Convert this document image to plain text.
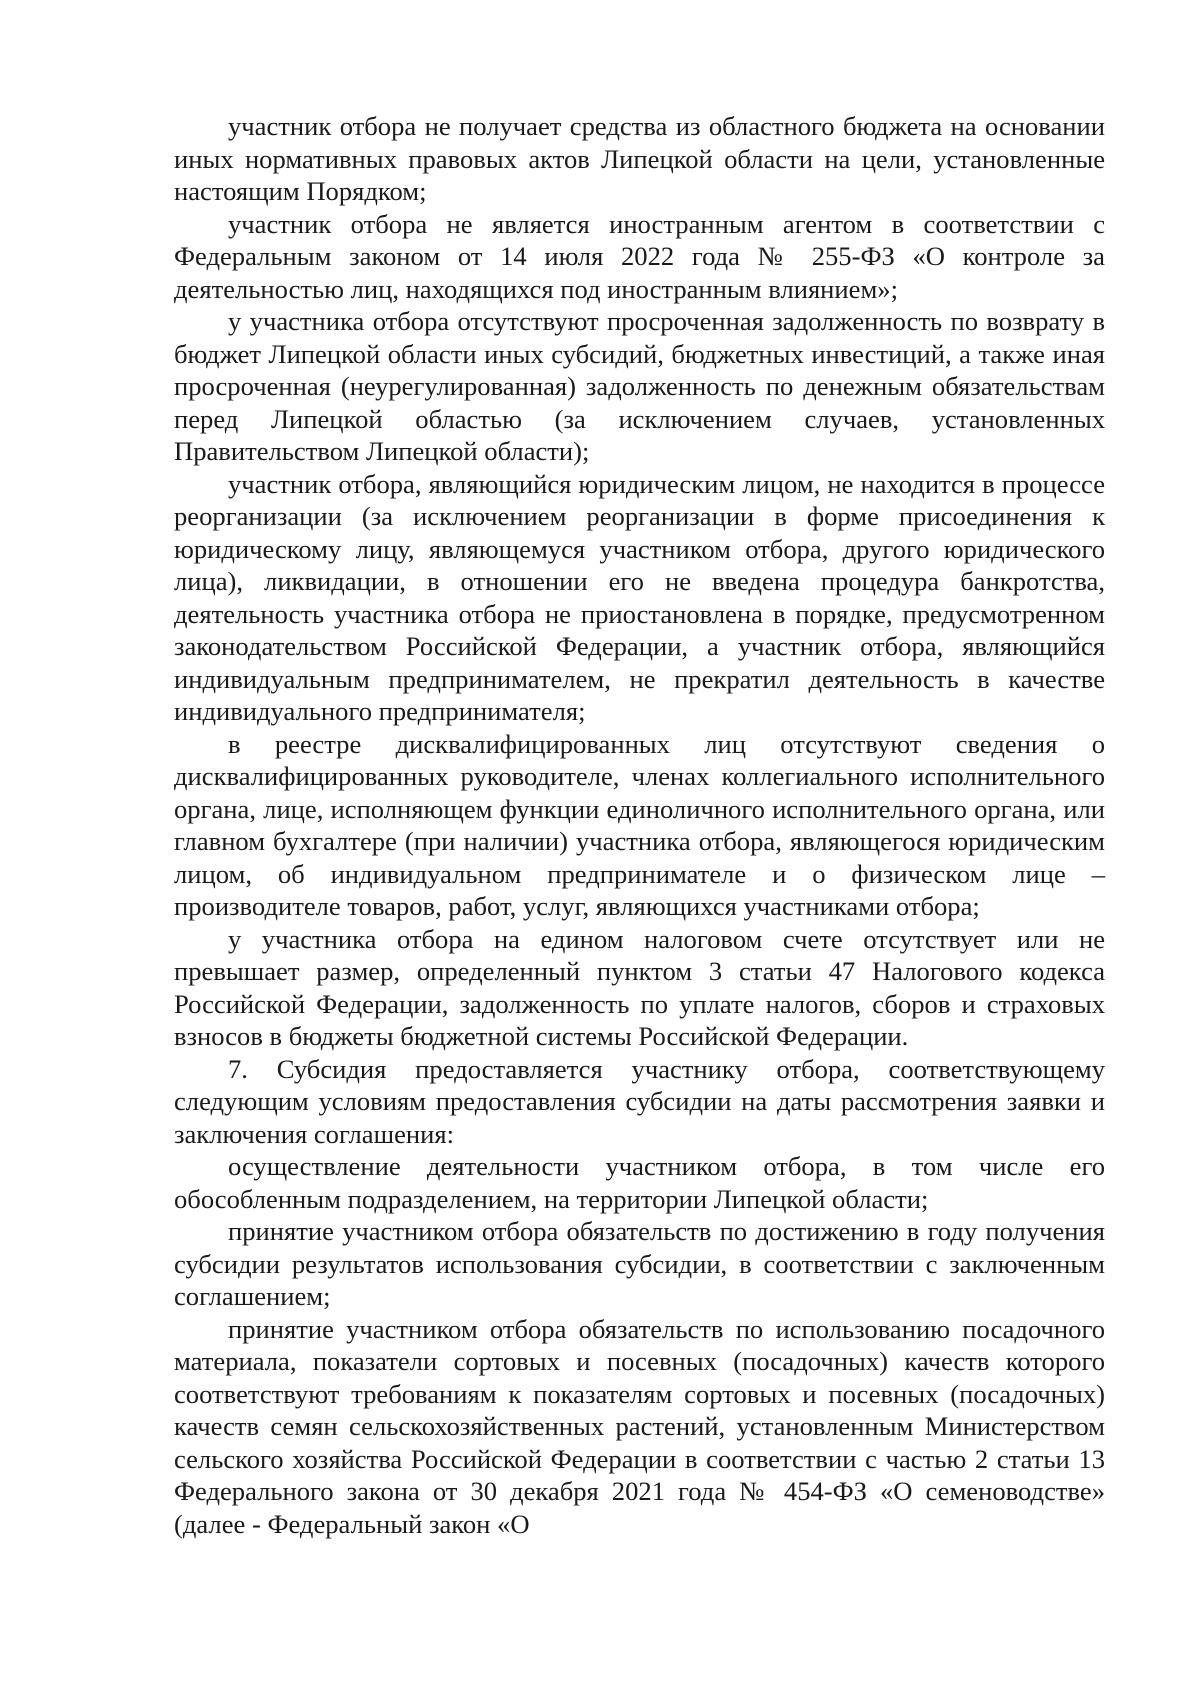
участник отбора не получает средства из областного бюджета на основании иных нормативных правовых актов Липецкой области на цели, установленные настоящим Порядком;

участник отбора не является иностранным агентом в соответствии с Федеральным законом от 14 июля 2022 года № 255-ФЗ «О контроле за деятельностью лиц, находящихся под иностранным влиянием»;

у участника отбора отсутствуют просроченная задолженность по возврату в бюджет Липецкой области иных субсидий, бюджетных инвестиций, а также иная просроченная (неурегулированная) задолженность по денежным обязательствам перед Липецкой областью (за исключением случаев, установленных Правительством Липецкой области);

участник отбора, являющийся юридическим лицом, не находится в процессе реорганизации (за исключением реорганизации в форме присоединения к юридическому лицу, являющемуся участником отбора, другого юридического лица), ликвидации, в отношении его не введена процедура банкротства, деятельность участника отбора не приостановлена в порядке, предусмотренном законодательством Российской Федерации, а участник отбора, являющийся индивидуальным предпринимателем, не прекратил деятельность в качестве индивидуального предпринимателя;

в реестре дисквалифицированных лиц отсутствуют сведения о дисквалифицированных руководителе, членах коллегиального исполнительного органа, лице, исполняющем функции единоличного исполнительного органа, или главном бухгалтере (при наличии) участника отбора, являющегося юридическим лицом, об индивидуальном предпринимателе и о физическом лице – производителе товаров, работ, услуг, являющихся участниками отбора;

у участника отбора на едином налоговом счете отсутствует или не превышает размер, определенный пунктом 3 статьи 47 Налогового кодекса Российской Федерации, задолженность по уплате налогов, сборов и страховых взносов в бюджеты бюджетной системы Российской Федерации.

7. Субсидия предоставляется участнику отбора, соответствующему следующим условиям предоставления субсидии на даты рассмотрения заявки и заключения соглашения:

осуществление деятельности участником отбора, в том числе его обособленным подразделением, на территории Липецкой области;

принятие участником отбора обязательств по достижению в году получения субсидии результатов использования субсидии, в соответствии с заключенным соглашением;

принятие участником отбора обязательств по использованию посадочного материала, показатели сортовых и посевных (посадочных) качеств которого соответствуют требованиям к показателям сортовых и посевных (посадочных) качеств семян сельскохозяйственных растений, установленным Министерством сельского хозяйства Российской Федерации в соответствии с частью 2 статьи 13 Федерального закона от 30 декабря 2021 года № 454-ФЗ «О семеноводстве» (далее - Федеральный закон «О
